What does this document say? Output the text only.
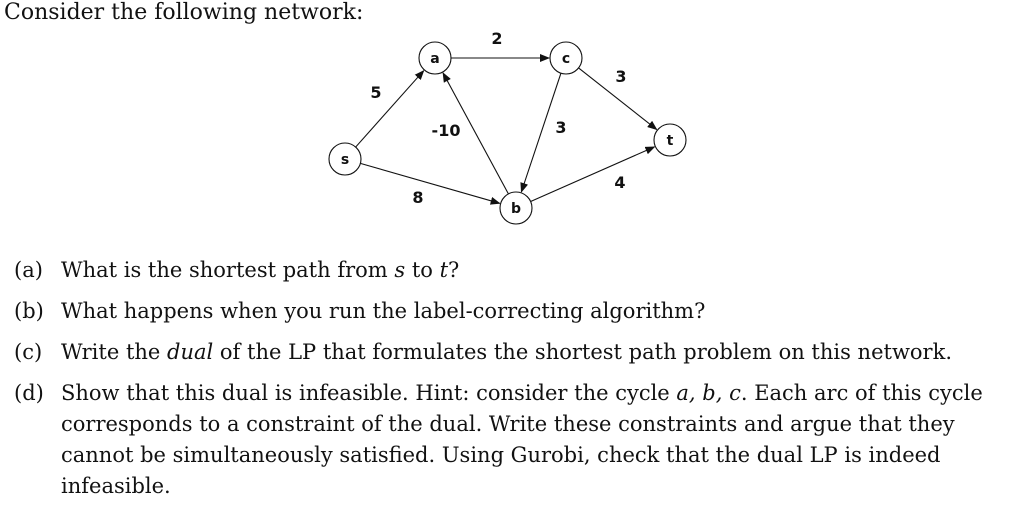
Consider the following network:
5
8
-10
2
3
3
4
s
a
b
c
t
(a) What is the shortest path from s to t?
(b) What happens when you run the label-correcting algorithm?
(c) Write the dual of the LP that formulates the shortest path problem on this network.
(d) Show that this dual is infeasible. Hint: consider the cycle a, b, c. Each arc of this cycle corresponds to a constraint of the dual. Write these constraints and argue that they cannot be simultaneously satisfied. Using Gurobi, check that the dual LP is indeed infeasible.
